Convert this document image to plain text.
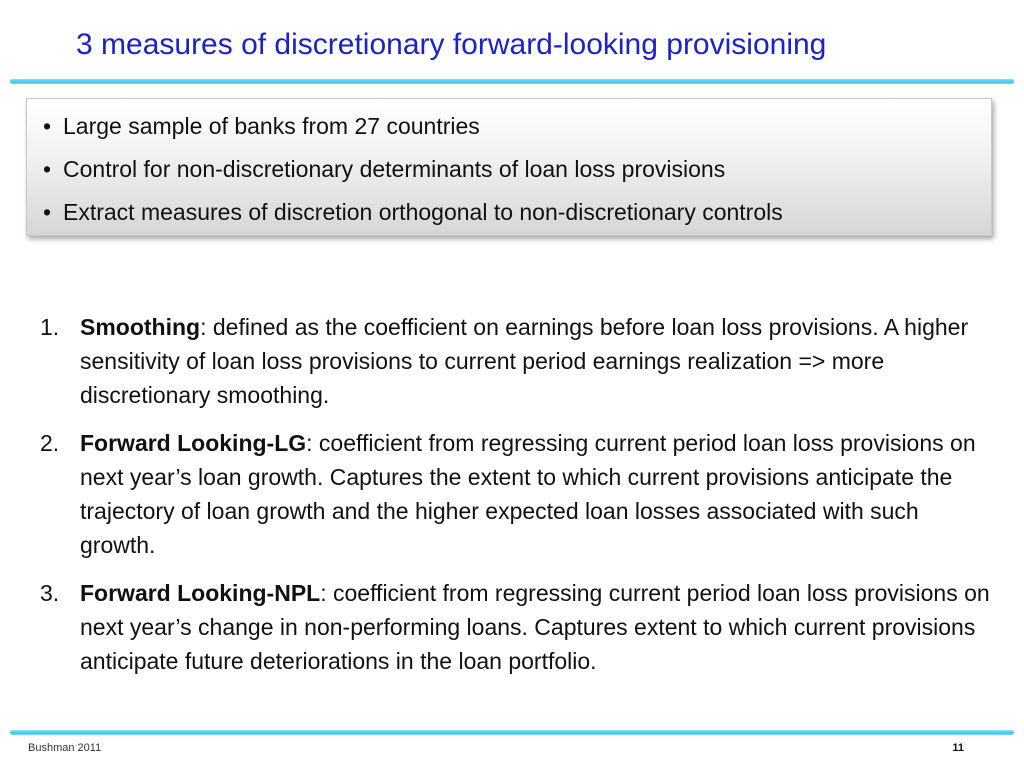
3 measures of discretionary forward-looking provisioning
• Large sample of banks from 27 countries
• Control for non-discretionary determinants of loan loss provisions
• Extract measures of discretion orthogonal to non-discretionary controls
1. Smoothing: defined as the coefficient on earnings before loan loss provisions. A higher sensitivity of loan loss provisions to current period earnings realization => more discretionary smoothing.
2. Forward Looking-LG: coefficient from regressing current period loan loss provisions on next year’s loan growth. Captures the extent to which current provisions anticipate the trajectory of loan growth and the higher expected loan losses associated with such growth.
3. Forward Looking-NPL: coefficient from regressing current period loan loss provisions on next year’s change in non-performing loans. Captures extent to which current provisions anticipate future deteriorations in the loan portfolio.
Bushman 2011	11
